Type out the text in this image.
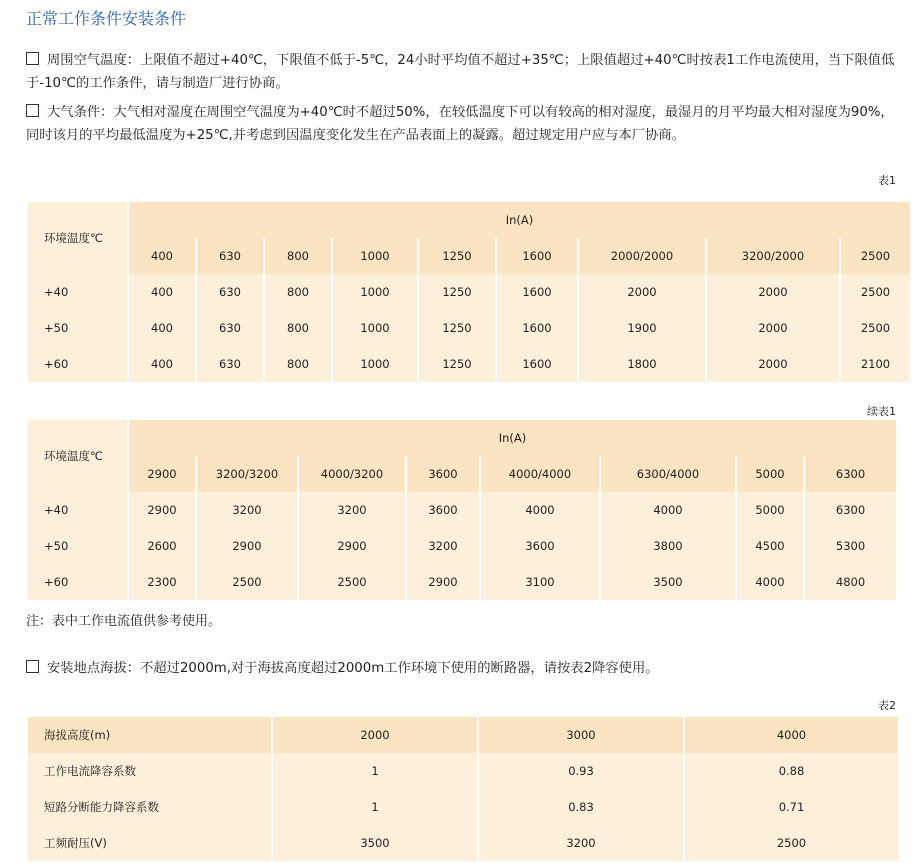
正常工作条件安装条件

周围空气温度：上限值不超过+40℃，下限值不低于-5℃，24小时平均值不超过+35℃；上限值超过+40℃时按表1工作电流使用，当下限值低于-10℃的工作条件，请与制造厂进行协商。

大气条件：大气相对湿度在周围空气温度为+40℃时不超过50%，在较低温度下可以有较高的相对湿度，最湿月的月平均最大相对湿度为90%，同时该月的平均最低温度为+25℃,并考虑到因温度变化发生在产品表面上的凝露。超过规定用户应与本厂协商。

表1
环境温度℃	In(A)								
	400	630	800	1000	1250	1600	2000/2000	3200/2000	2500
+40	400	630	800	1000	1250	1600	2000	2000	2500
+50	400	630	800	1000	1250	1600	1900	2000	2500
+60	400	630	800	1000	1250	1600	1800	2000	2100
续表1
环境温度℃	In(A)							
	2900	3200/3200	4000/3200	3600	4000/4000	6300/4000	5000	6300
+40	2900	3200	3200	3600	4000	4000	5000	6300
+50	2600	2900	2900	3200	3600	3800	4500	5300
+60	2300	2500	2500	2900	3100	3500	4000	4800
注：表中工作电流值供参考使用。

安装地点海拔：不超过2000m,对于海拔高度超过2000m工作环境下使用的断路器，请按表2降容使用。

表2
海拔高度(m)	2000	3000	4000
工作电流降容系数	1	0.93	0.88
短路分断能力降容系数	1	0.83	0.71
工频耐压(V)	3500	3200	2500
